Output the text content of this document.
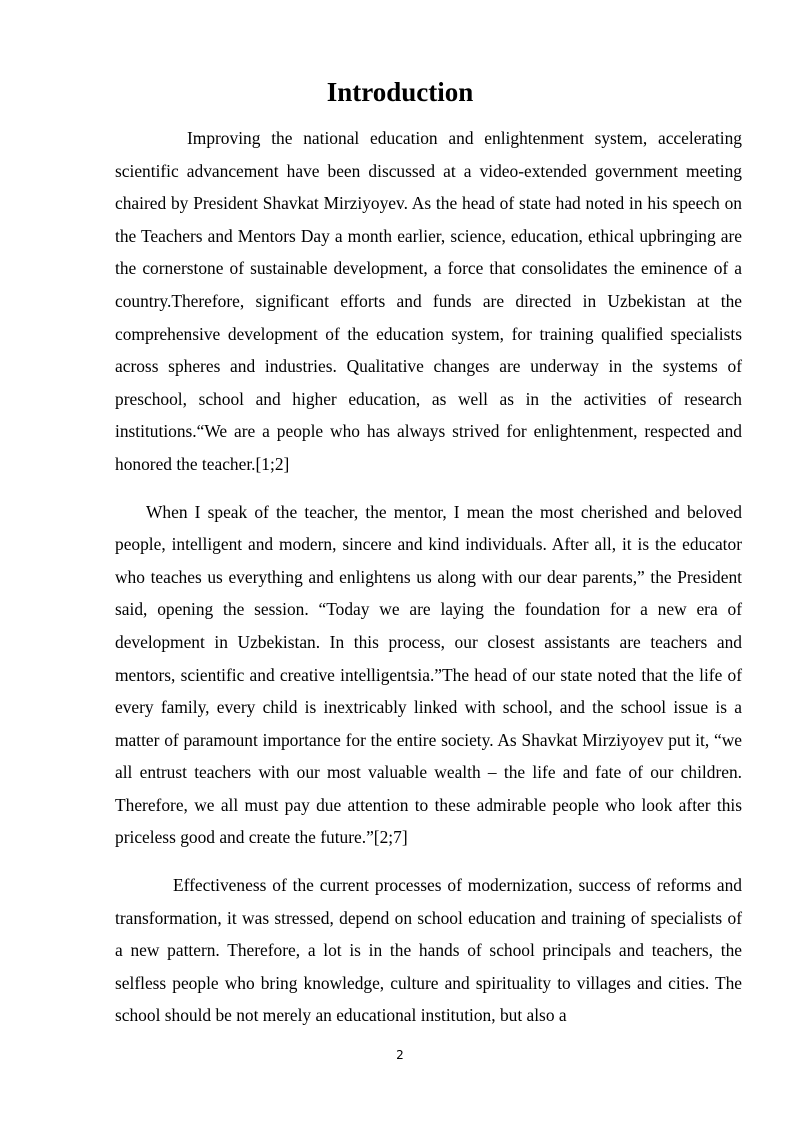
Introduction

Improving the national education and enlightenment system, accelerating scientific advancement have been discussed at a video-extended government meeting chaired by President Shavkat Mirziyoyev. As the head of state had noted in his speech on the Teachers and Mentors Day a month earlier, science, education, ethical upbringing are the cornerstone of sustainable development, a force that consolidates the eminence of a country.Therefore, significant efforts and funds are directed in Uzbekistan at the comprehensive development of the education system, for training qualified specialists across spheres and industries. Qualitative changes are underway in the systems of preschool, school and higher education, as well as in the activities of research institutions.“We are a people who has always strived for enlightenment, respected and honored the teacher.[1;2]

When I speak of the teacher, the mentor, I mean the most cherished and beloved people, intelligent and modern, sincere and kind individuals. After all, it is the educator who teaches us everything and enlightens us along with our dear parents,” the President said, opening the session. “Today we are laying the foundation for a new era of development in Uzbekistan. In this process, our closest assistants are teachers and mentors, scientific and creative intelligentsia.”The head of our state noted that the life of every family, every child is inextricably linked with school, and the school issue is a matter of paramount importance for the entire society. As Shavkat Mirziyoyev put it, “we all entrust teachers with our most valuable wealth – the life and fate of our children. Therefore, we all must pay due attention to these admirable people who look after this priceless good and create the future.”[2;7]

Effectiveness of the current processes of modernization, success of reforms and transformation, it was stressed, depend on school education and training of specialists of a new pattern. Therefore, a lot is in the hands of school principals and teachers, the selfless people who bring knowledge, culture and spirituality to villages and cities. The school should be not merely an educational institution, but also a

2
